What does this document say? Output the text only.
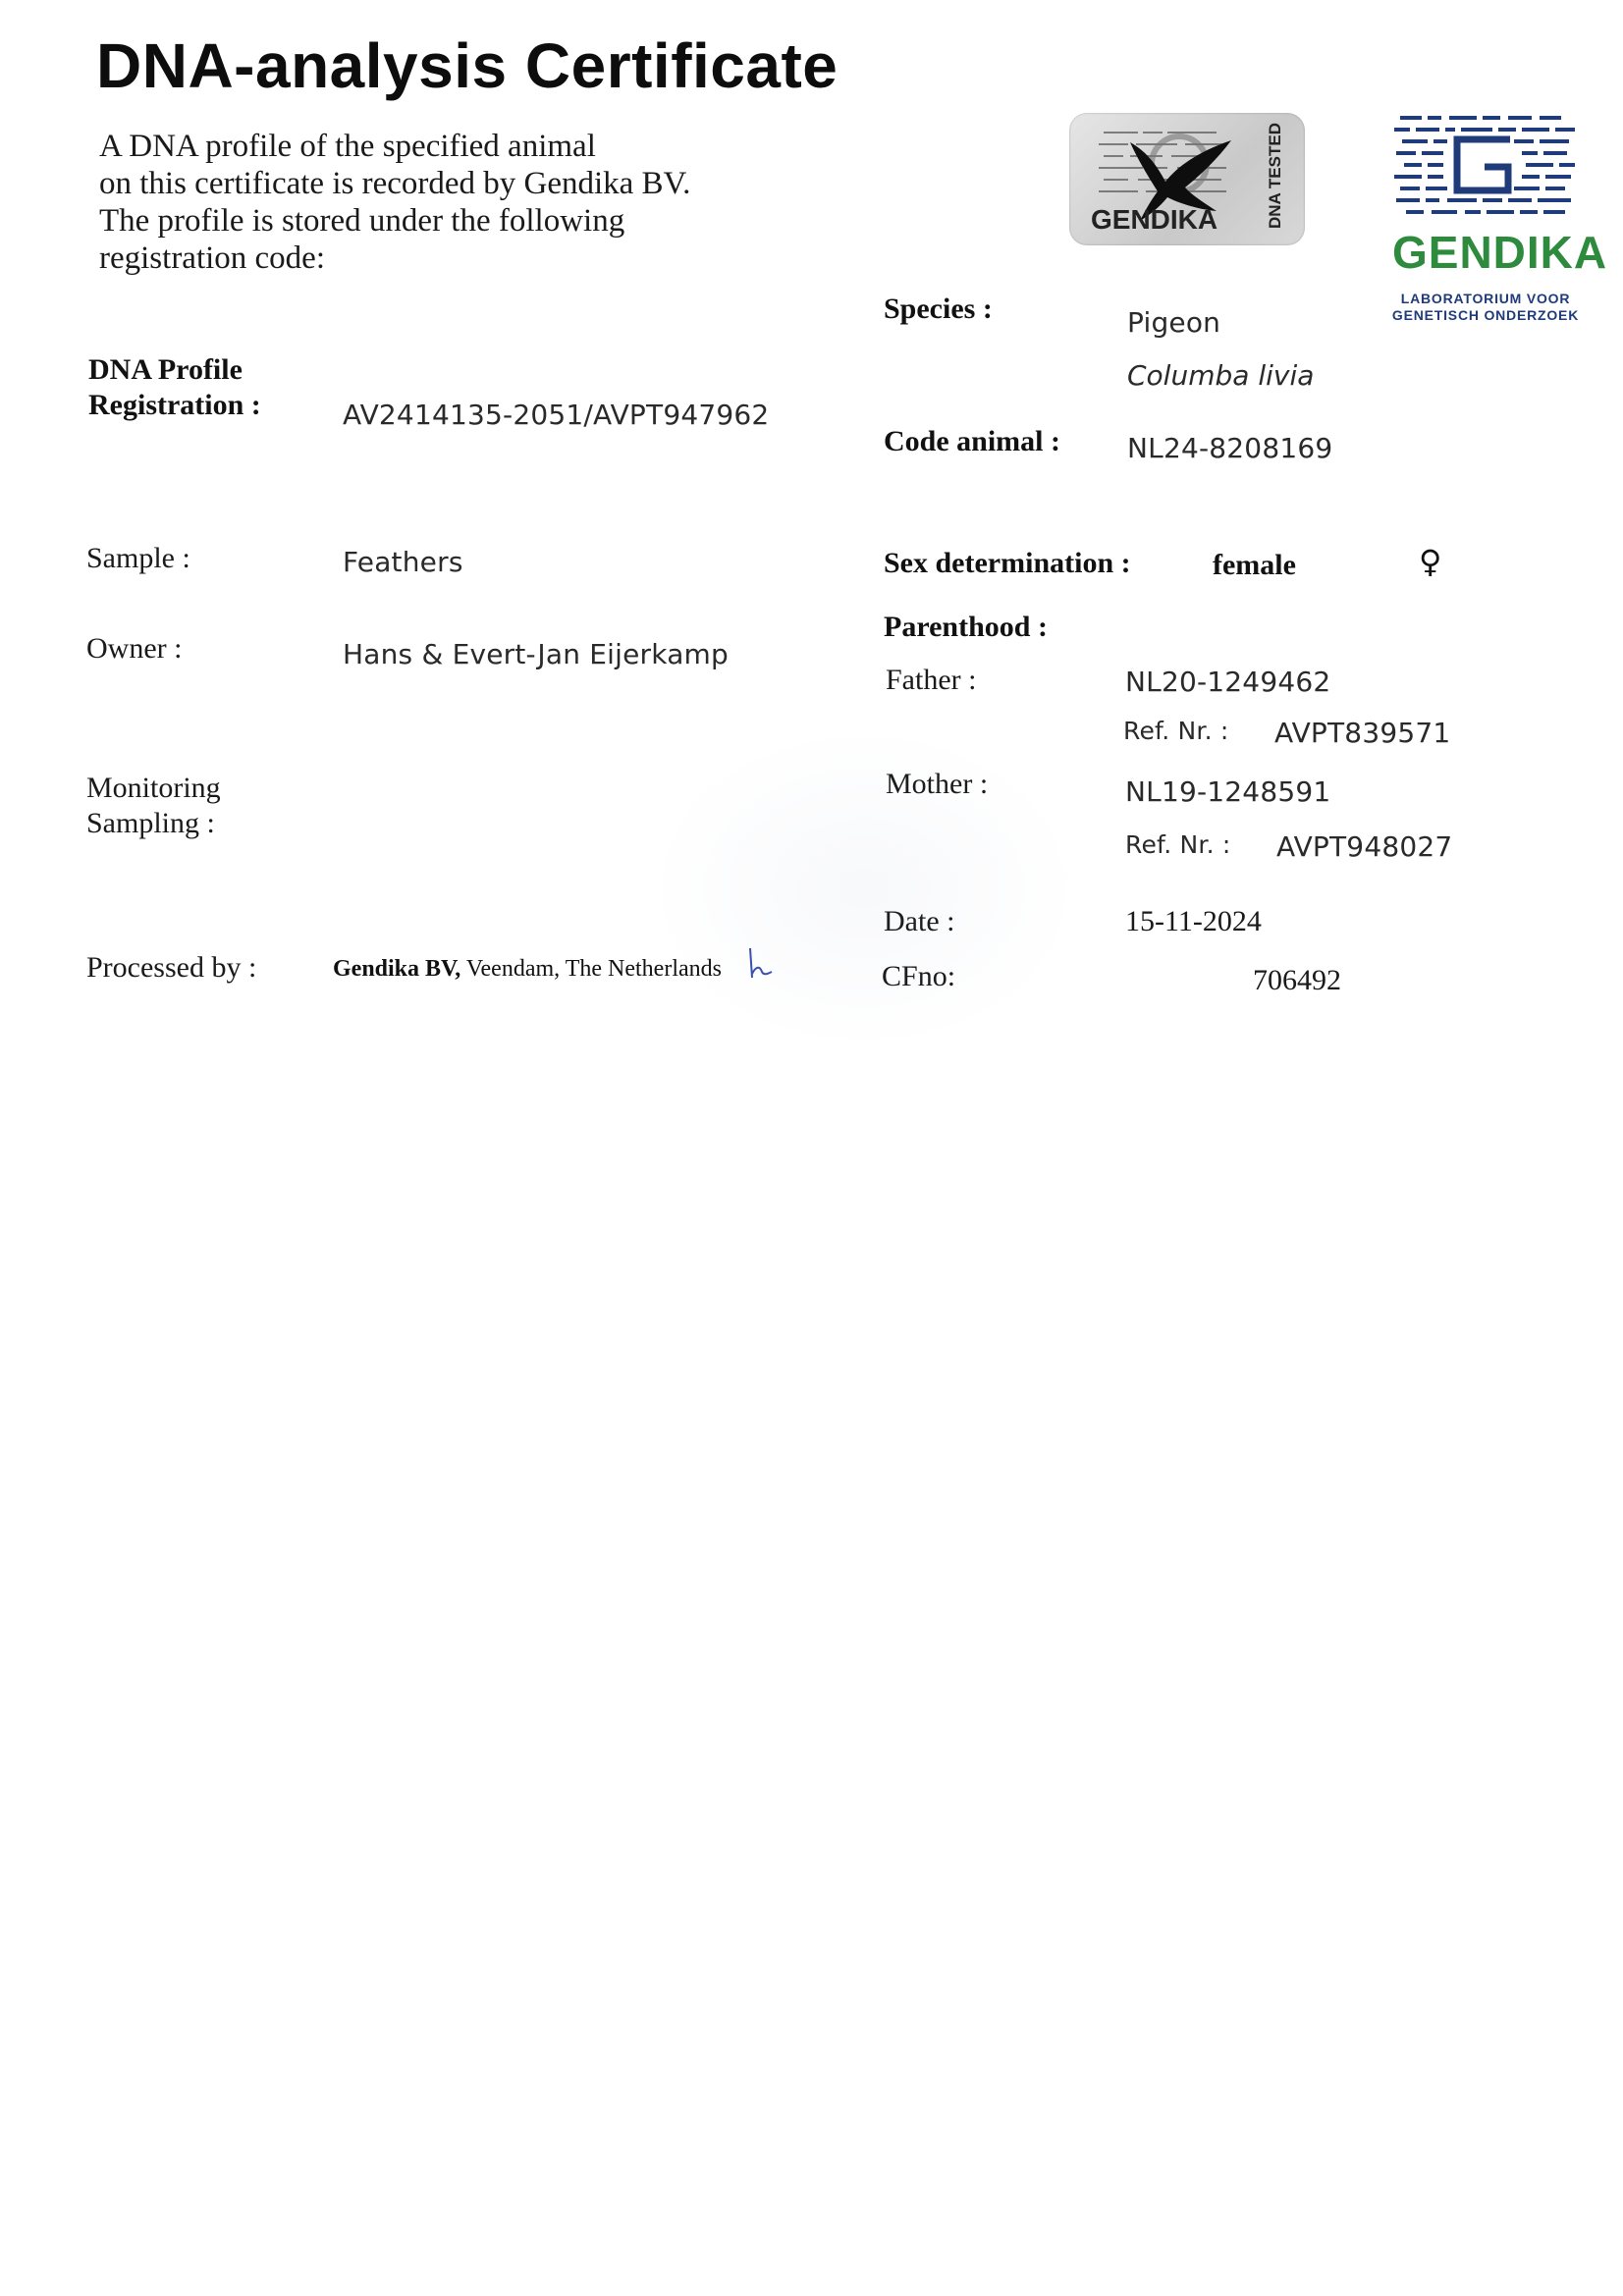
DNA-analysis Certificate
A DNA profile of the specified animal
on this certificate is recorded by Gendika BV.
The profile is stored under the following
registration code:
GENDIKA	DNA TESTED
GENDIKA
LABORATORIUM VOOR
GENETISCH ONDERZOEK
DNA Profile
Registration :	AV2414135-2051/AVPT947962
Sample :	Feathers
Owner :	Hans & Evert-Jan Eijerkamp
Monitoring
Sampling :
Processed by :	Gendika BV, Veendam, The Netherlands
Species :	Pigeon
Columba livia
Code animal : NL24-8208169
Sex determination :	female	♀
Parenthood :
Father :	NL20-1249462
Ref. Nr. : AVPT839571
Mother :	NL19-1248591
Ref. Nr. : AVPT948027
Date :	15-11-2024
CFno:	706492
